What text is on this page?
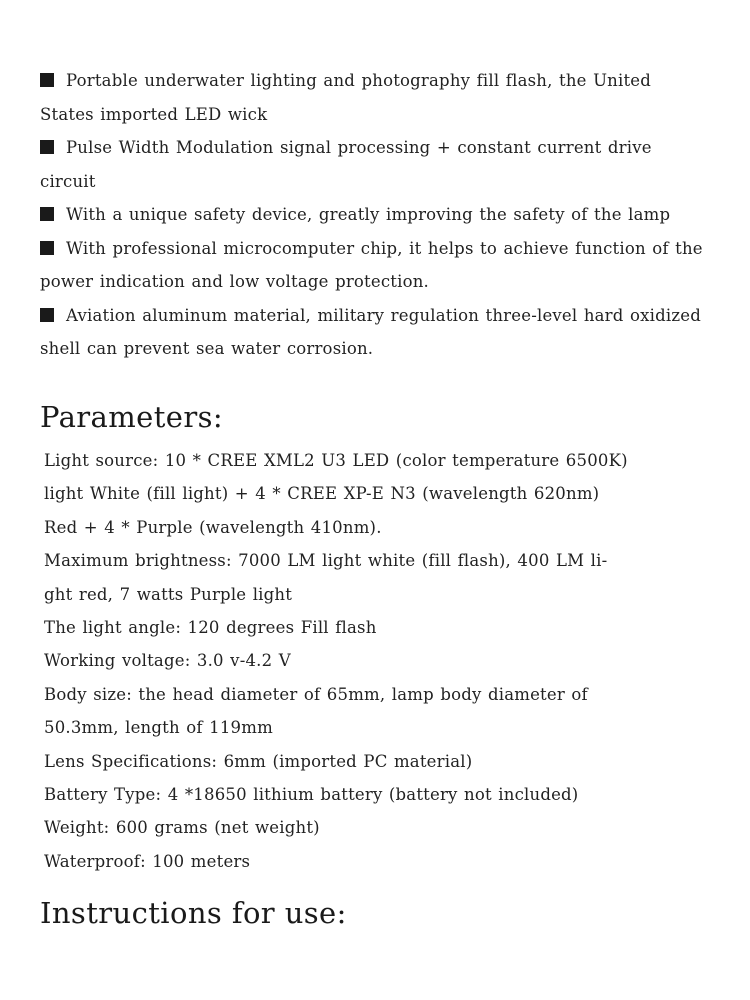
Portable underwater lighting and photography fill flash, the United States imported LED wick

Pulse Width Modulation signal processing + constant current drive circuit

With a unique safety device, greatly improving the safety of the lamp

With professional microcomputer chip, it helps to achieve function of the power indication and low voltage protection.

Aviation aluminum material, military regulation three-level hard oxidized shell can prevent sea water corrosion.

Parameters:

Light source: 10 * CREE XML2 U3 LED (color temperature 6500K)

light White (fill light) + 4 * CREE XP-E N3 (wavelength 620nm)

Red + 4 * Purple (wavelength 410nm).

Maximum brightness: 7000 LM light white (fill flash), 400 LM li-

ght red, 7 watts Purple light

The light angle: 120 degrees Fill flash

Working voltage: 3.0 v-4.2 V

Body size: the head diameter of 65mm, lamp body diameter of

50.3mm, length of 119mm

Lens Specifications: 6mm (imported PC material)

Battery Type: 4 *18650 lithium battery (battery not included)

Weight: 600 grams (net weight)

Waterproof: 100 meters

Instructions for use:
